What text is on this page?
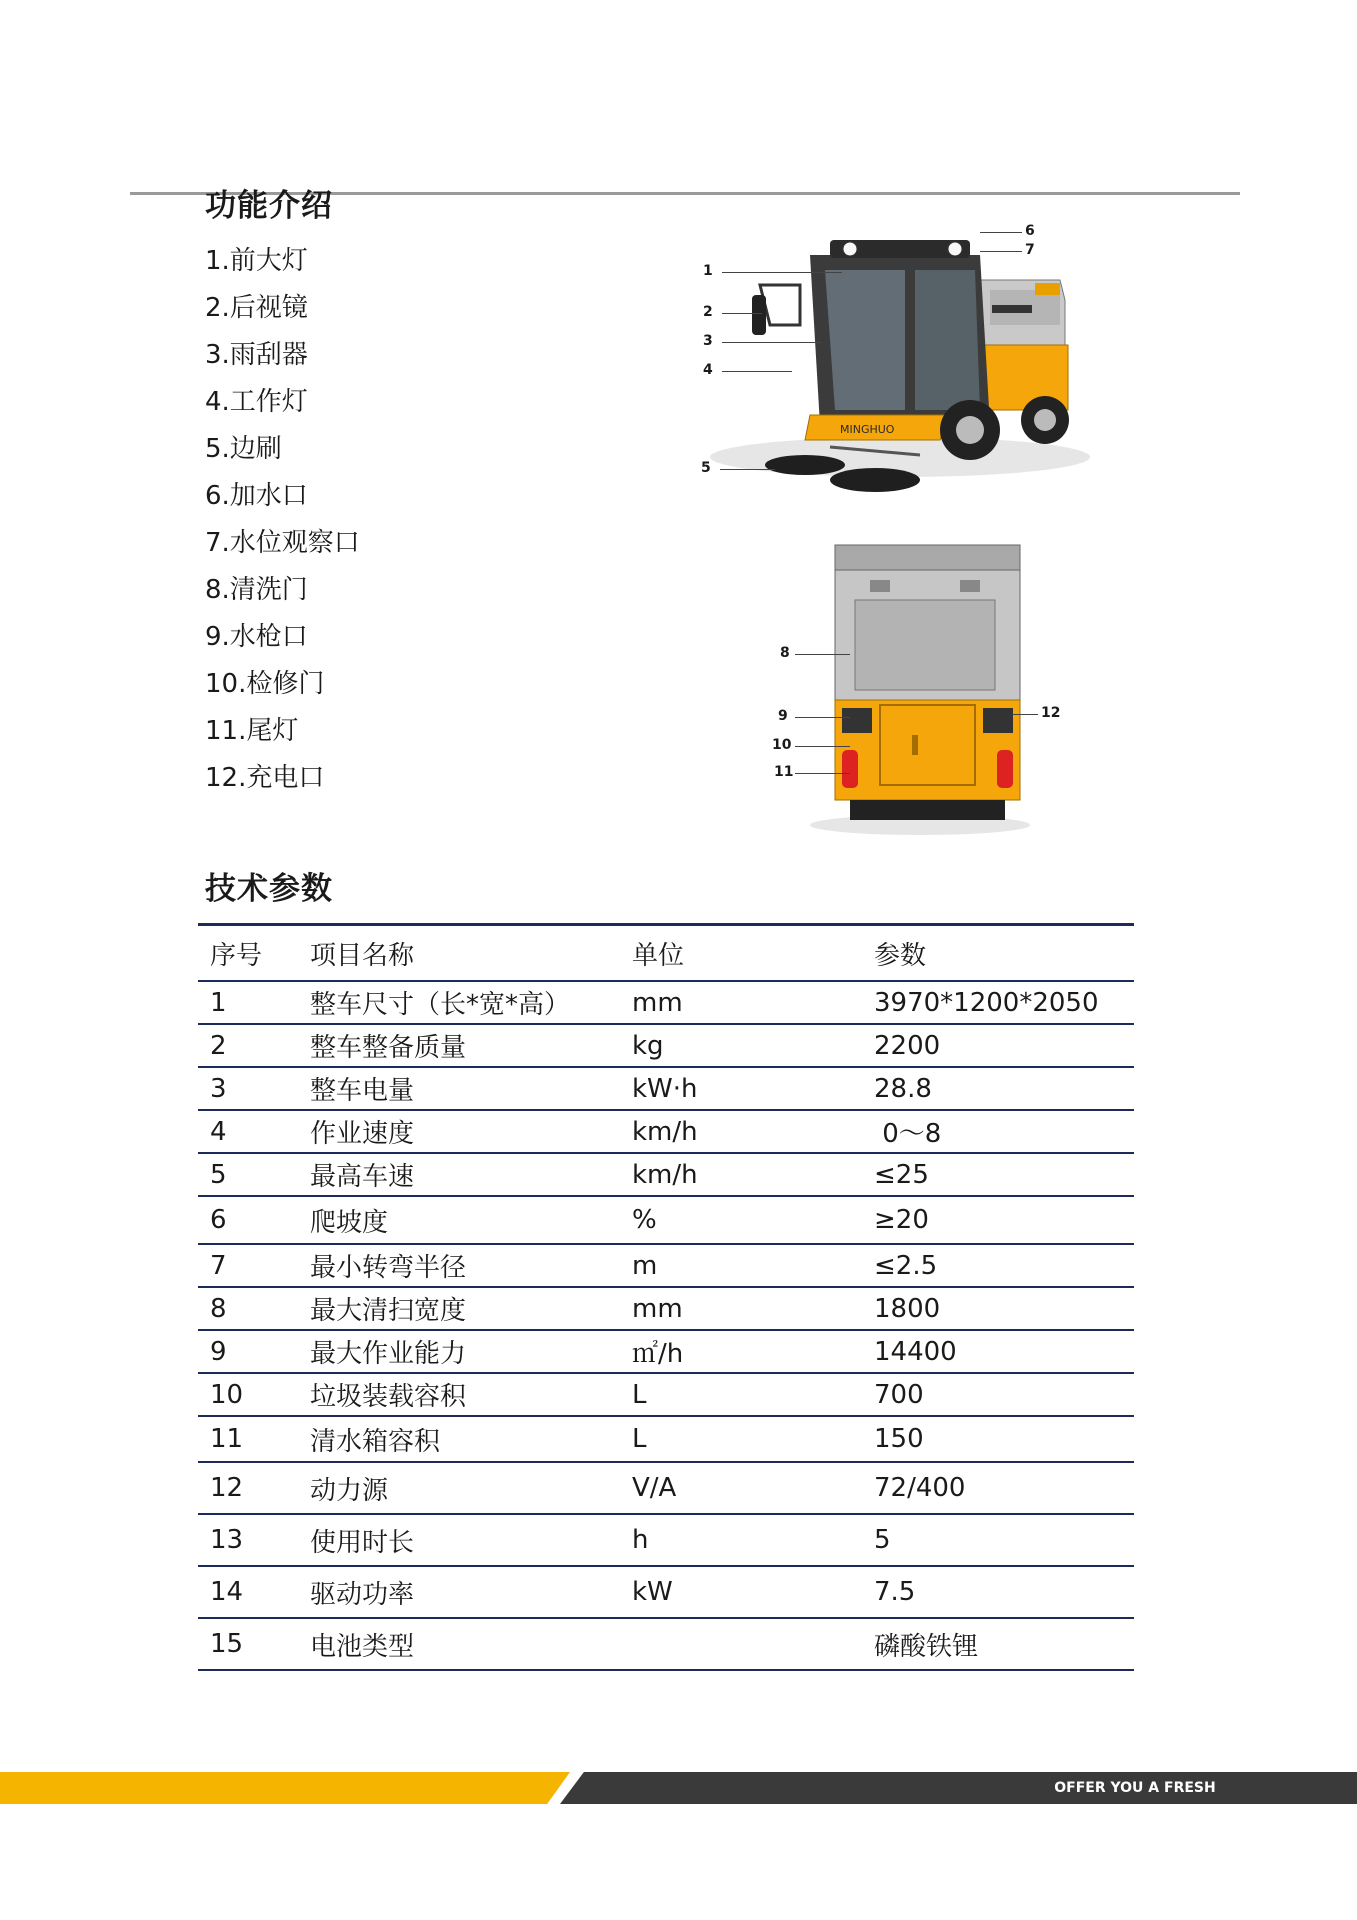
功能介绍
1.前大灯
2.后视镜
3.雨刮器
4.工作灯
5.边刷
6.加水口
7.水位观察口
8.清洗门
9.水枪口
10.检修门
11.尾灯
12.充电口
MINGHUO
1
2
3
4
5
6
7
8
9
10
11
12
技术参数
序号	项目名称	单位	参数
1	整车尺寸（长*宽*高）	mm	3970*1200*2050
2	整车整备质量	kg	2200
3	整车电量	kW·h	28.8
4	作业速度	km/h	0～8
5	最高车速	km/h	≤25
6	爬坡度	%	≥20
7	最小转弯半径	m	≤2.5
8	最大清扫宽度	mm	1800
9	最大作业能力	㎡/h	14400
10	垃圾装载容积	L	700
11	清水箱容积	L	150
12	动力源	V/A	72/400
13	使用时长	h	5
14	驱动功率	kW	7.5
15	电池类型		磷酸铁锂
OFFER YOU A FRESH WORLD!
